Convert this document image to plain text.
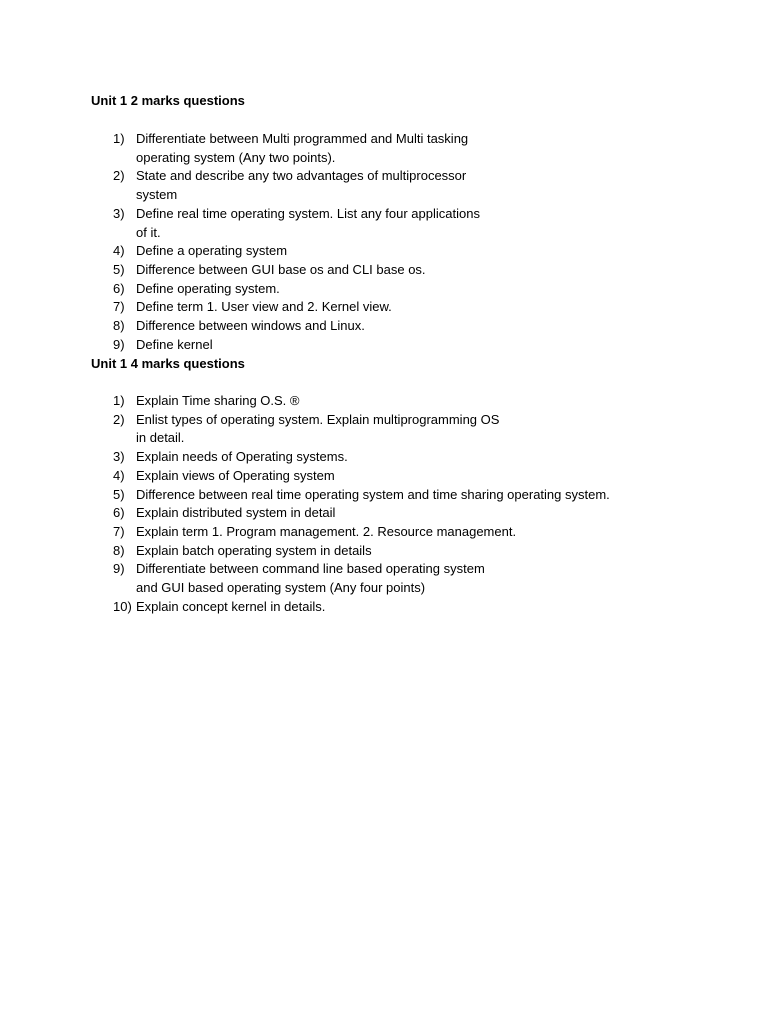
Unit 1 2 marks questions
1) Differentiate between Multi programmed and Multi tasking
operating system (Any two points).
2) State and describe any two advantages of multiprocessor
system
3) Define real time operating system. List any four applications
of it.
4) Define a operating system
5) Difference between GUI base os and CLI base os.
6) Define operating system.
7) Define term 1. User view and 2. Kernel view.
8) Difference between windows and Linux.
9) Define kernel
Unit 1 4 marks questions
1) Explain Time sharing O.S. ®
2) Enlist types of operating system. Explain multiprogramming OS
in detail.
3) Explain needs of Operating systems.
4) Explain views of Operating system
5) Difference between real time operating system and time sharing operating system.
6) Explain distributed system in detail
7) Explain term 1. Program management. 2. Resource management.
8) Explain batch operating system in details
9) Differentiate between command line based operating system
and GUI based operating system (Any four points)
10) Explain concept kernel in details.
